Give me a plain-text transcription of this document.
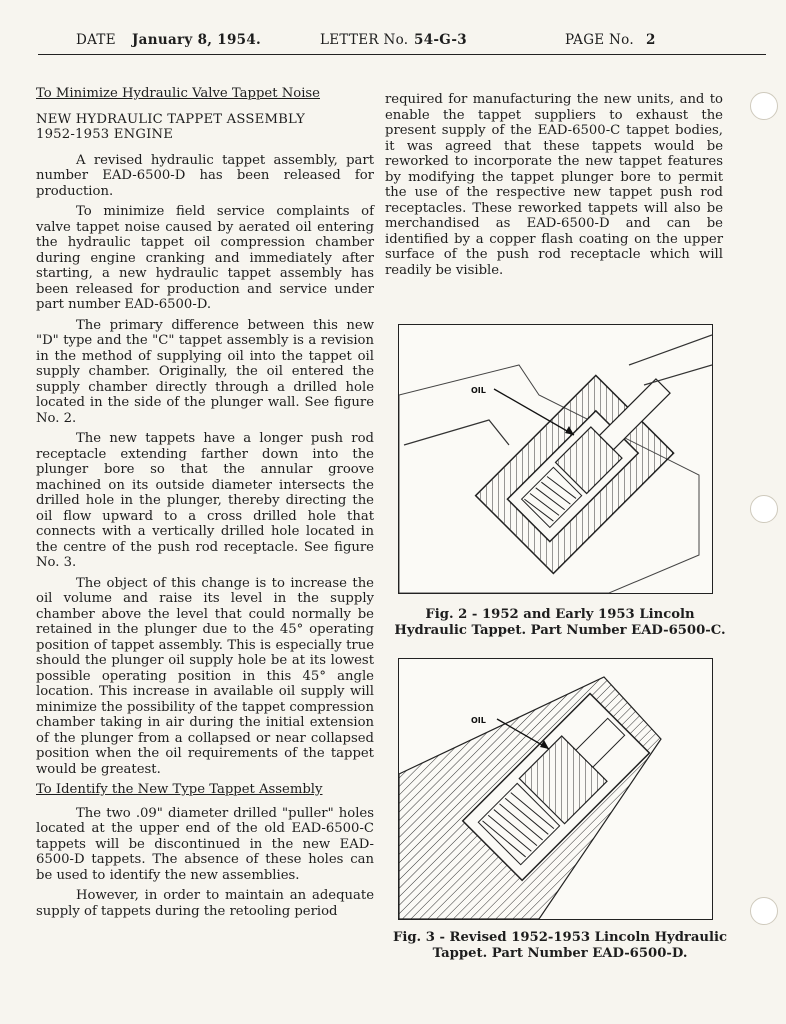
DATE January 8, 1954.	LETTER No. 54-G-3	PAGE No. 2
To Minimize Hydraulic Valve Tappet Noise
NEW HYDRAULIC TAPPET ASSEMBLY
1952-1953 ENGINE

A revised hydraulic tappet assembly, part number EAD-6500-D has been released for production.

To minimize field service complaints of valve tappet noise caused by aerated oil entering the hydraulic tappet oil compression chamber during engine cranking and immediately after starting, a new hydraulic tappet assembly has been released for production and service under part number EAD-6500-D.

The primary difference between this new "D" type and the "C" tappet assembly is a revision in the method of supplying oil into the tappet oil supply chamber. Originally, the oil entered the supply chamber directly through a drilled hole located in the side of the plunger wall. See figure No. 2.

The new tappets have a longer push rod receptacle extending farther down into the plunger bore so that the annular groove machined on its outside diameter intersects the drilled hole in the plunger, thereby directing the oil flow upward to a cross drilled hole that connects with a vertically drilled hole located in the centre of the push rod receptacle. See figure No. 3.

The object of this change is to increase the oil volume and raise its level in the supply chamber above the level that could normally be retained in the plunger due to the 45° operating position of tappet assembly. This is especially true should the plunger oil supply hole be at its lowest possible operating position in this 45° angle location. This increase in available oil supply will minimize the possibility of the tappet compression chamber taking in air during the initial extension of the plunger from a collapsed or near collapsed position when the oil requirements of the tappet would be greatest.

To Identify the New Type Tappet Assembly

The two .09" diameter drilled "puller" holes located at the upper end of the old EAD-6500-C tappets will be discontinued in the new EAD-6500-D tappets. The absence of these holes can be used to identify the new assemblies.

However, in order to maintain an adequate supply of tappets during the retooling period

required for manufacturing the new units, and to enable the tappet suppliers to exhaust the present supply of the EAD-6500-C tappet bodies, it was agreed that these tappets would be reworked to incorporate the new tappet features by modifying the tappet plunger bore to permit the use of the respective new tappet push rod receptacles. These reworked tappets will also be merchandised as EAD-6500-D and can be identified by a copper flash coating on the upper surface of the push rod receptacle which will readily be visible.

OIL
Fig. 2 - 1952 and Early 1953 Lincoln Hydraulic Tappet. Part Number EAD-6500-C.
OIL
Fig. 3 - Revised 1952-1953 Lincoln Hydraulic Tappet. Part Number EAD-6500-D.
